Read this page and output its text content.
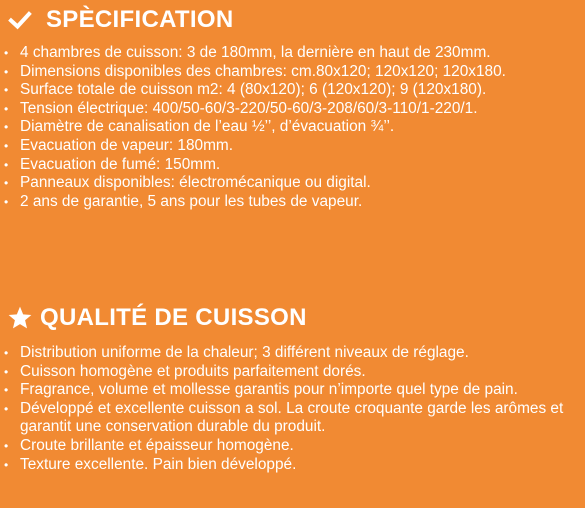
SPÈCIFICATION
• 4 chambres de cuisson: 3 de 180mm, la dernière en haut de 230mm.
• Dimensions disponibles des chambres: cm.80x120; 120x120; 120x180.
• Surface totale de cuisson m2: 4 (80x120); 6 (120x120); 9 (120x180).
• Tension électrique: 400/50-60/3-220/50-60/3-208/60/3-110/1-220/1.
• Diamètre de canalisation de l’eau ½’’, d’évacuation ¾’’.
• Evacuation de vapeur: 180mm.
• Evacuation de fumé: 150mm.
• Panneaux disponibles: électromécanique ou digital.
• 2 ans de garantie, 5 ans pour les tubes de vapeur.
QUALITÉ DE CUISSON
• Distribution uniforme de la chaleur; 3 différent niveaux de réglage.
• Cuisson homogène et produits parfaitement dorés.
• Fragrance, volume et mollesse garantis pour n’importe quel type de pain.
• Développé et excellente cuisson a sol. La croute croquante garde les arômes et garantit une conservation durable du produit.
• Croute brillante et épaisseur homogène.
• Texture excellente. Pain bien développé.
